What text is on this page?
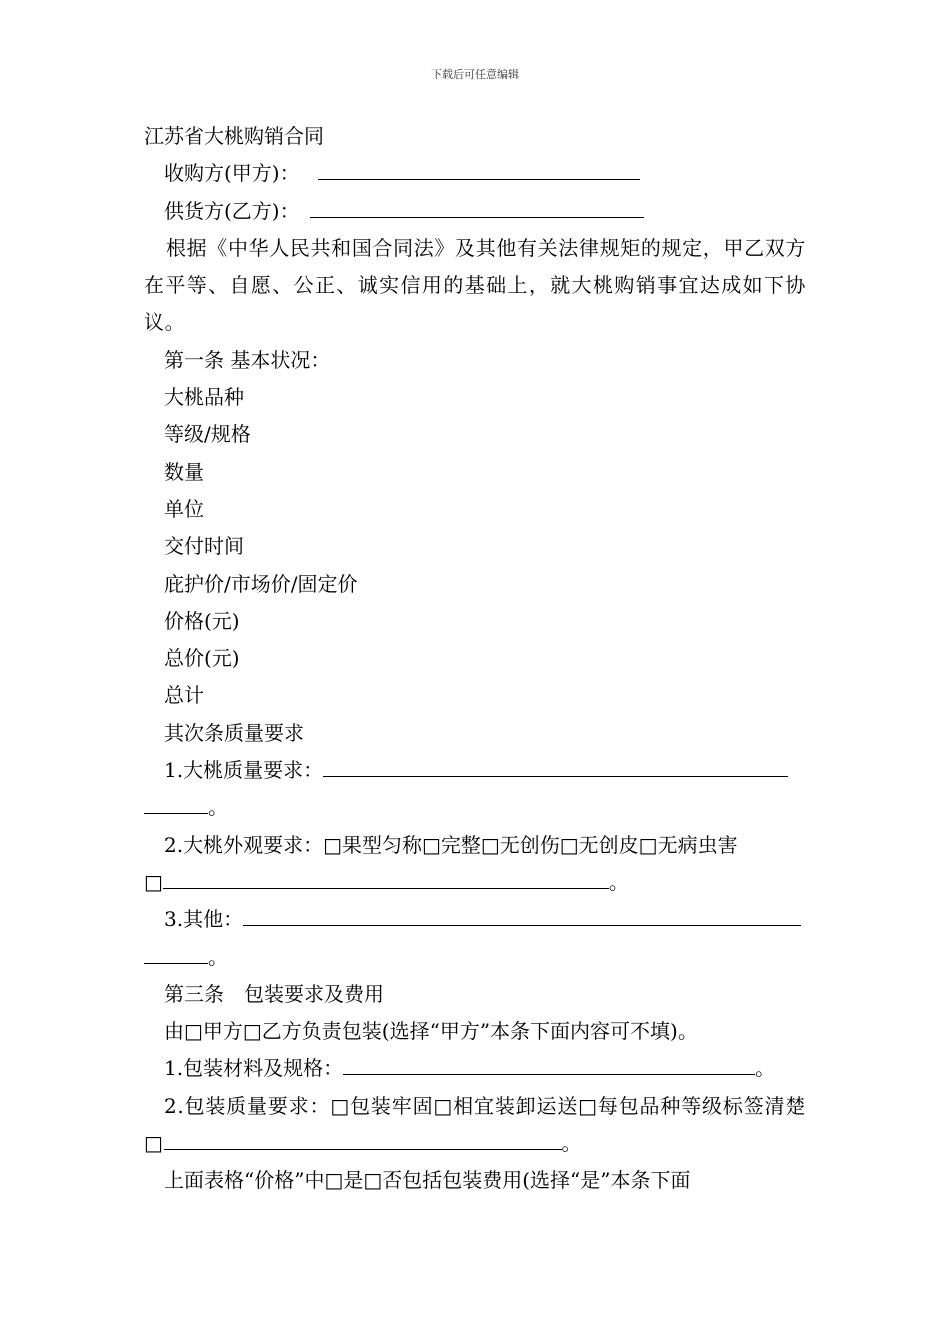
下载后可任意编辑
江苏省大桃购销合同
收购方(甲方)：
供货方(乙方)：
根据《中华人民共和国合同法》及其他有关法律规矩的规定，甲乙双方在平等、自愿、公正、诚实信用的基础上，就大桃购销事宜达成如下协议。
第一条 基本状况：
大桃品种
等级/规格
数量
单位
交付时间
庇护价/市场价/固定价
价格(元)
总价(元)
总计
其次条质量要求
1.大桃质量要求：
。
2.大桃外观要求：□果型匀称□完整□无创伤□无创皮□无病虫害
□	。
3.其他：
。
第三条　包装要求及费用
由□甲方□乙方负责包装(选择“甲方”本条下面内容可不填)。
1.包装材料及规格：	。
2.包装质量要求：□包装牢固□相宜装卸运送□每包品种等级标签清楚□	。
上面表格“价格”中□是□否包括包装费用(选择“是”本条下面
